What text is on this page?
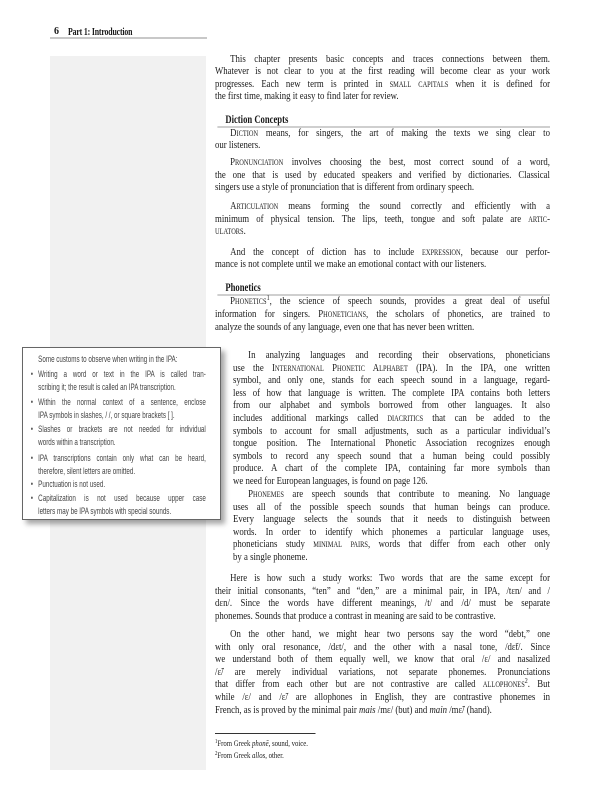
6 Part 1: Introduction
This chapter presents basic concepts and traces connections between them.
Whatever is not clear to you at the first reading will become clear as your work
progresses. Each new term is printed in small capitals when it is defined for
the first time, making it easy to find later for review.
Diction Concepts
Diction means, for singers, the art of making the texts we sing clear to
our listeners.
Pronunciation involves choosing the best, most correct sound of a word,
the one that is used by educated speakers and verified by dictionaries. Classical
singers use a style of pronunciation that is different from ordinary speech.
Articulation means forming the sound correctly and efficiently with a
minimum of physical tension. The lips, teeth, tongue and soft palate are artic-
ulators.
And the concept of diction has to include expression, because our perfor-
mance is not complete until we make an emotional contact with our listeners.
Phonetics
Phonetics$^1$, the science of speech sounds, provides a great deal of useful
information for singers. Phoneticians, the scholars of phonetics, are trained to
analyze the sounds of any language, even one that has never been written.
In analyzing languages and recording their observations, phoneticians
use the International Phonetic Alphabet (IPA). In the IPA, one written
symbol, and only one, stands for each speech sound in a language, regard-
less of how that language is written. The complete IPA contains both letters
from our alphabet and symbols borrowed from other languages. It also
includes additional markings called diacritics that can be added to the
symbols to account for small adjustments, such as a particular individual’s
tongue position. The International Phonetic Association recognizes enough
symbols to record any speech sound that a human being could possibly
produce. A chart of the complete IPA, containing far more symbols than
we need for European languages, is found on page 126.
Phonemes are speech sounds that contribute to meaning. No language
uses all of the possible speech sounds that human beings can produce.
Every language selects the sounds that it needs to distinguish between
words. In order to identify which phonemes a particular language uses,
phoneticians study minimal pairs, words that differ from each other only
by a single phoneme.
Here is how such a study works: Two words that are the same except for
their initial consonants, “ten” and “den,” are a minimal pair, in IPA, /tɛn/ and /
dɛn/. Since the words have different meanings, /t/ and /d/ must be separate
phonemes. Sounds that produce a contrast in meaning are said to be contrastive.
On the other hand, we might hear two persons say the word “debt,” one
with only oral resonance, /dɛt/, and the other with a nasal tone, /dɛ̃t/. Since
we understand both of them equally well, we know that oral /ɛ/ and nasalized
/ɛ̃/ are merely individual variations, not separate phonemes. Pronunciations
that differ from each other but are not contrastive are called allophones$^2$. But
while /ɛ/ and /ɛ̃/ are allophones in English, they are contrastive phonemes in
French, as is proved by the minimal pair mais /mɛ/ (but) and main /mɛ̃/ (hand).
$^1$From Greek phonē, sound, voice.
$^2$From Greek allos, other.
Some customs to observe when writing in the IPA:
• Writing a word or text in the IPA is called tran-
scribing it; the result is called an IPA transcription.
• Within the normal context of a sentence, enclose
IPA symbols in slashes, / /, or square brackets [ ].
• Slashes or brackets are not needed for individual
words within a transcription.
• IPA transcriptions contain only what can be heard,
therefore, silent letters are omitted.
• Punctuation is not used.
• Capitalization is not used because upper case
letters may be IPA symbols with special sounds.
